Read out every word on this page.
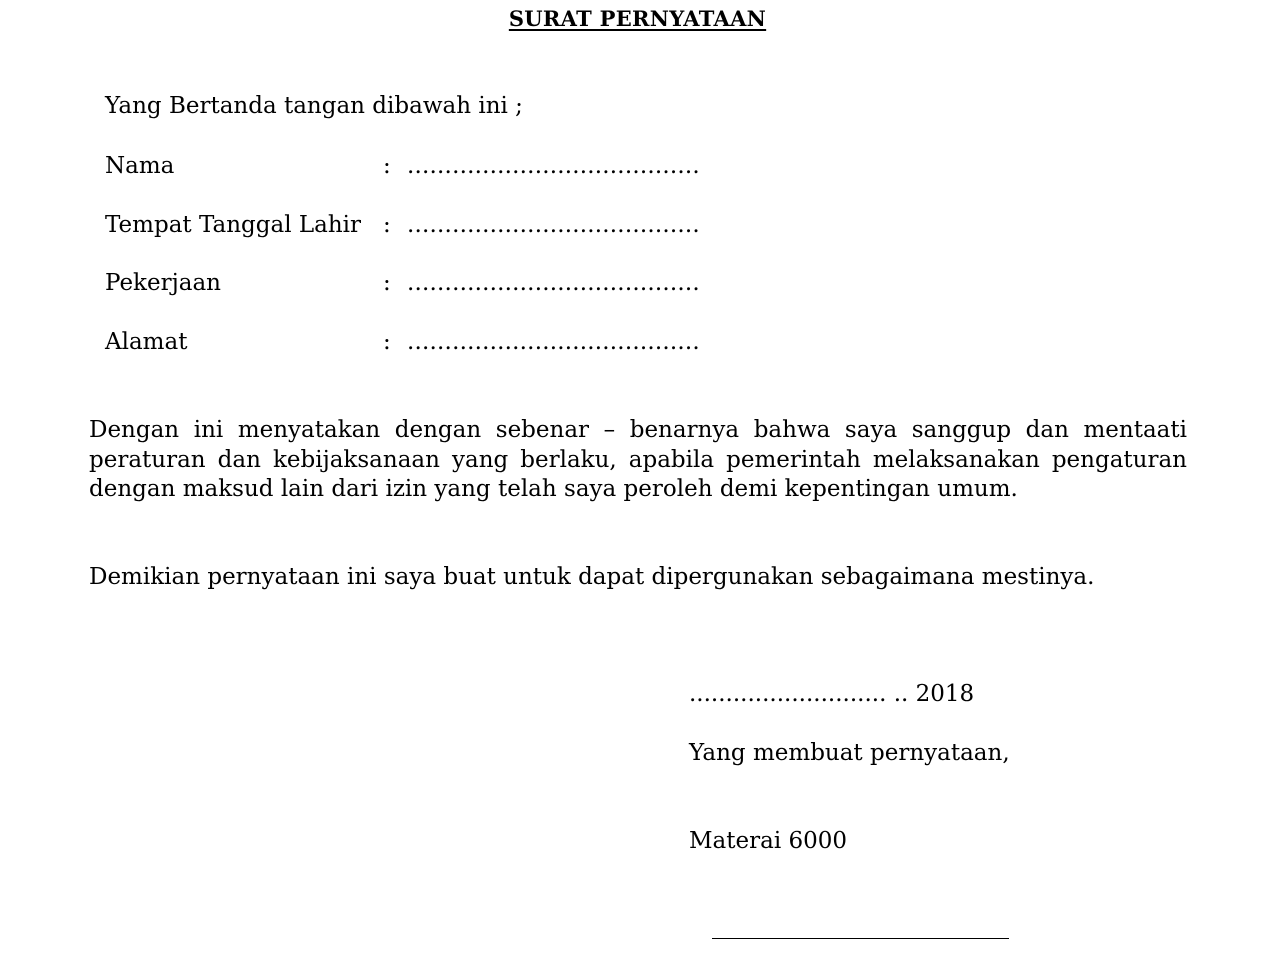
SURAT PERNYATAAN
Yang Bertanda tangan dibawah ini ;
Nama	: .......................................
Tempat Tanggal Lahir : .......................................
Pekerjaan	: .......................................
Alamat	: .......................................

Dengan ini menyatakan dengan sebenar – benarnya bahwa saya sanggup dan mentaati peraturan dan kebijaksanaan yang berlaku, apabila pemerintah melaksanakan pengaturan dengan maksud lain dari izin yang telah saya peroleh demi kepentingan umum.

Demikian pernyataan ini saya buat untuk dapat dipergunakan sebagaimana mestinya.

........................... .. 2018
Yang membuat pernyataan,
Materai 6000
